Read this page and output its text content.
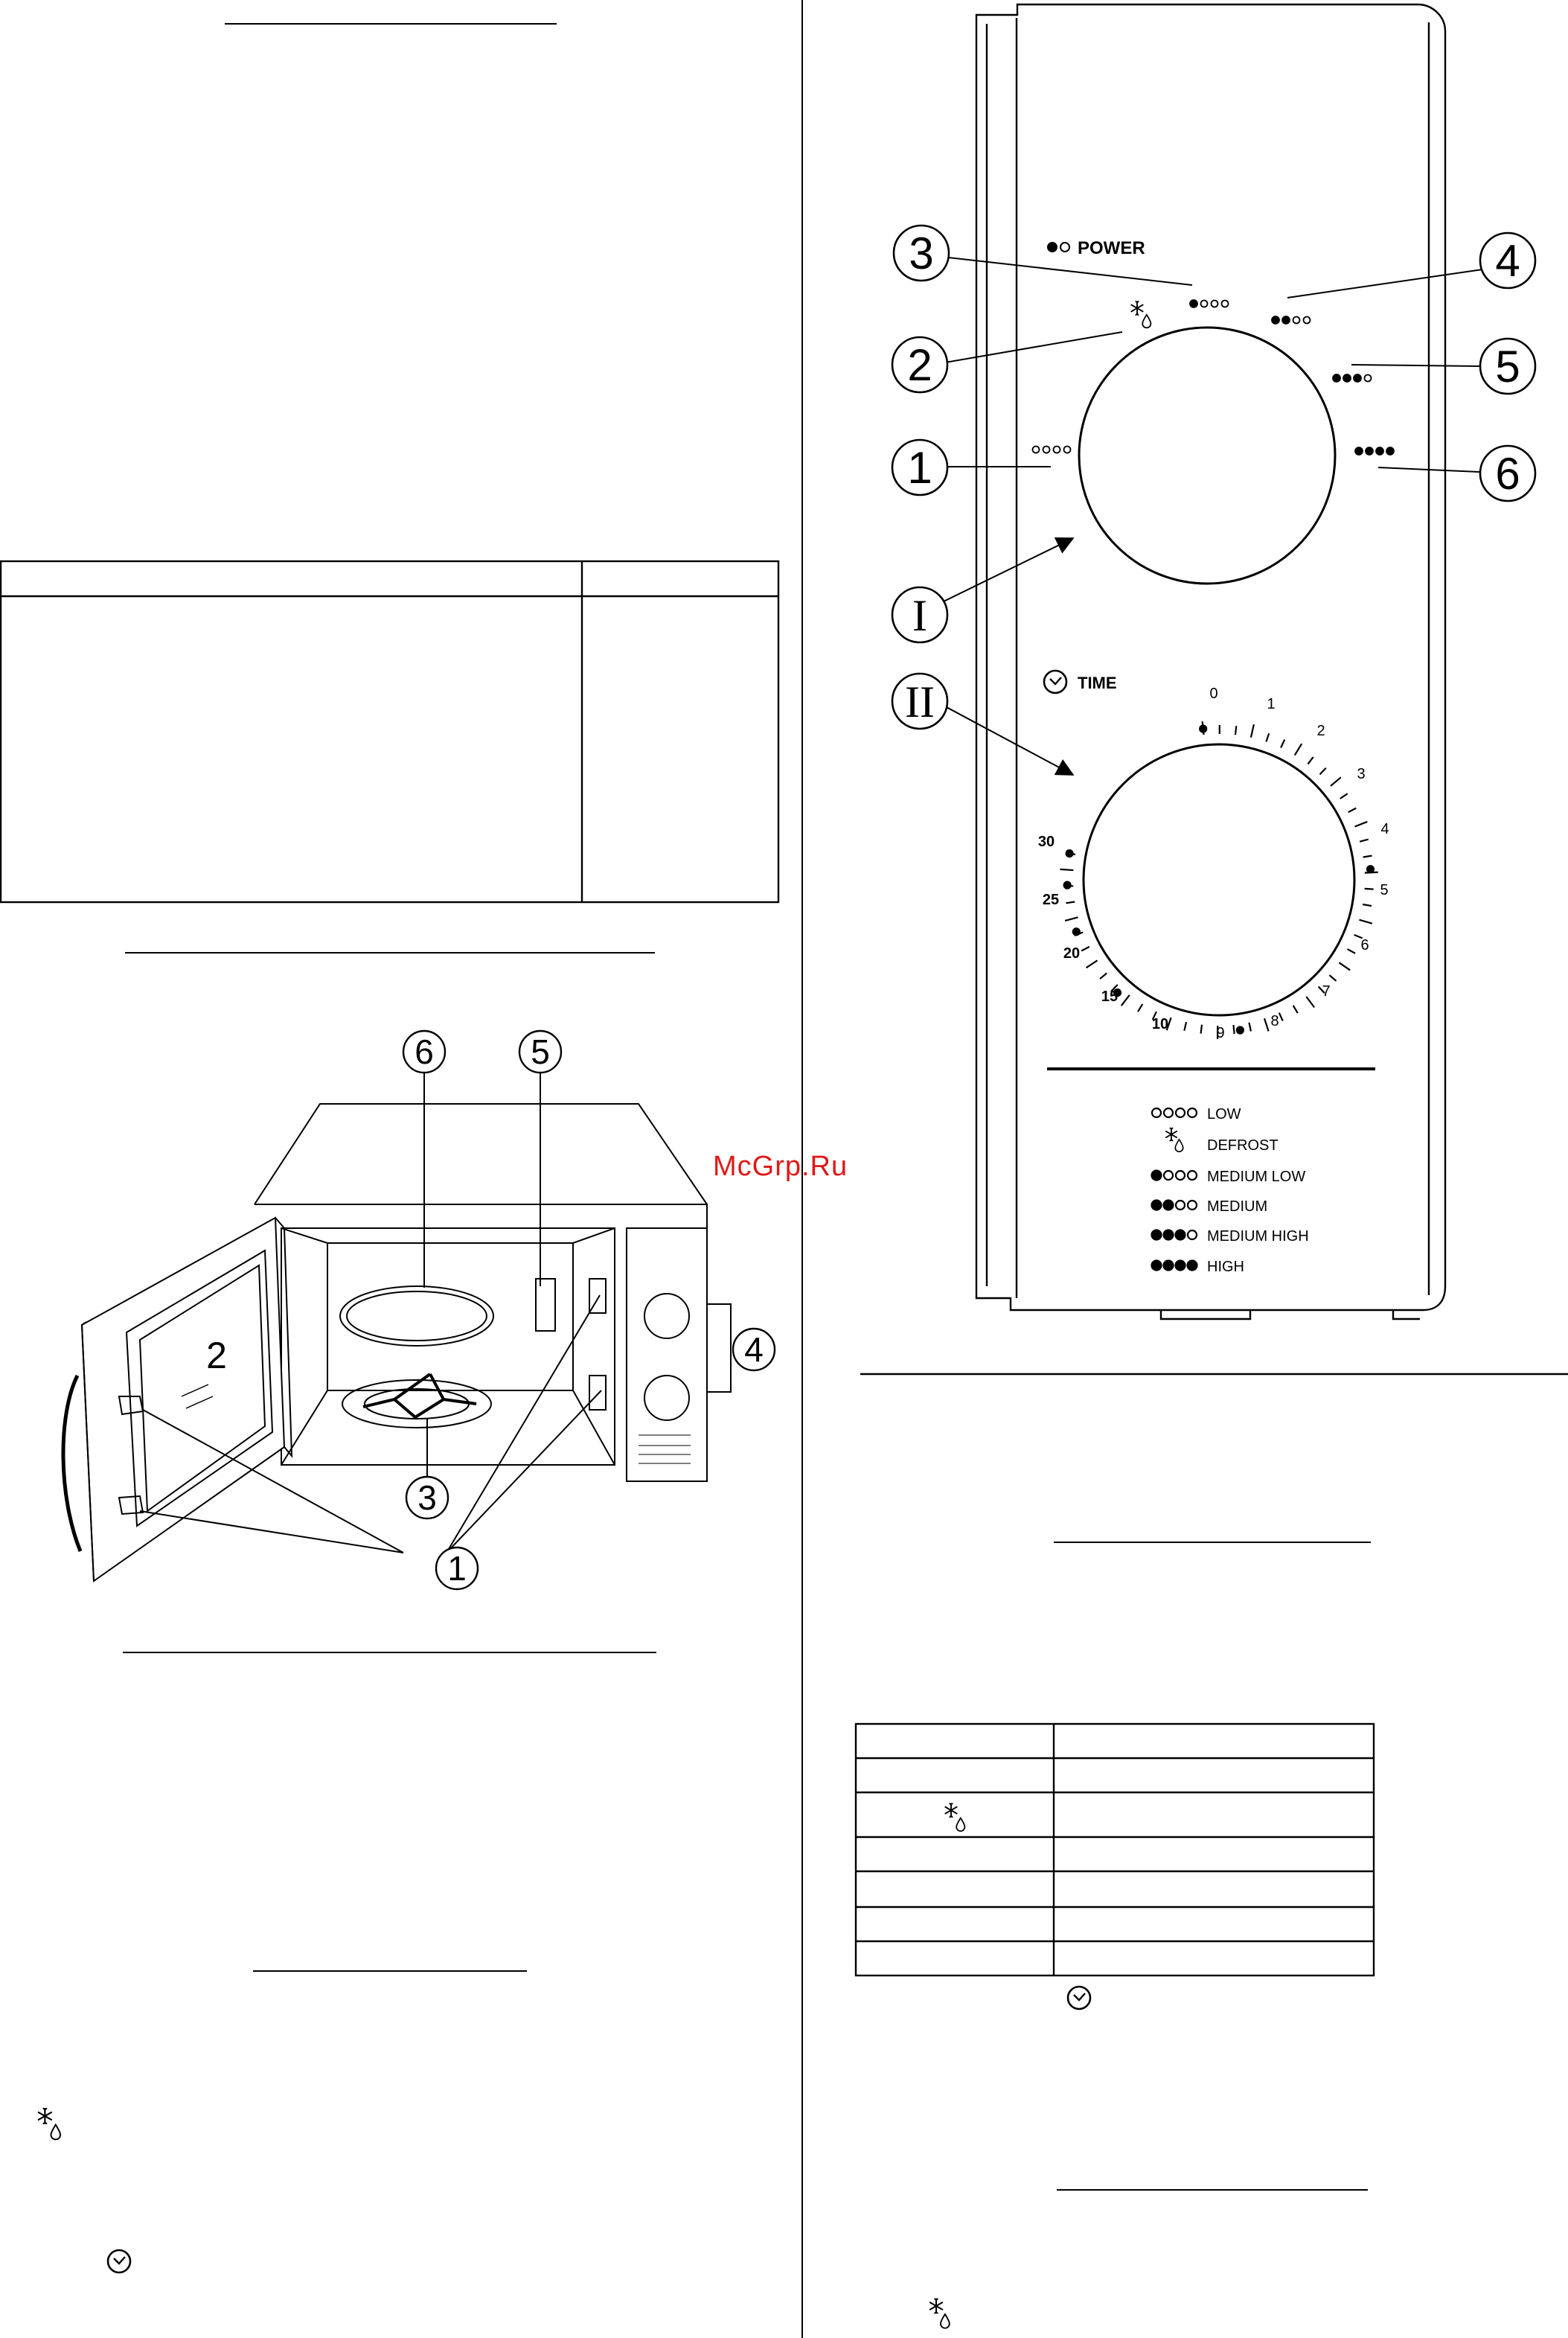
6	5
2	4
3
1
POWER
3	4
2	5
1	6
I
II	TIME
0
1
2
3
4
5
6
7
8
9
10
15
20
25
30
LOW
DEFROST
MEDIUM LOW
MEDIUM
MEDIUM HIGH
HIGH
McGrp.Ru
